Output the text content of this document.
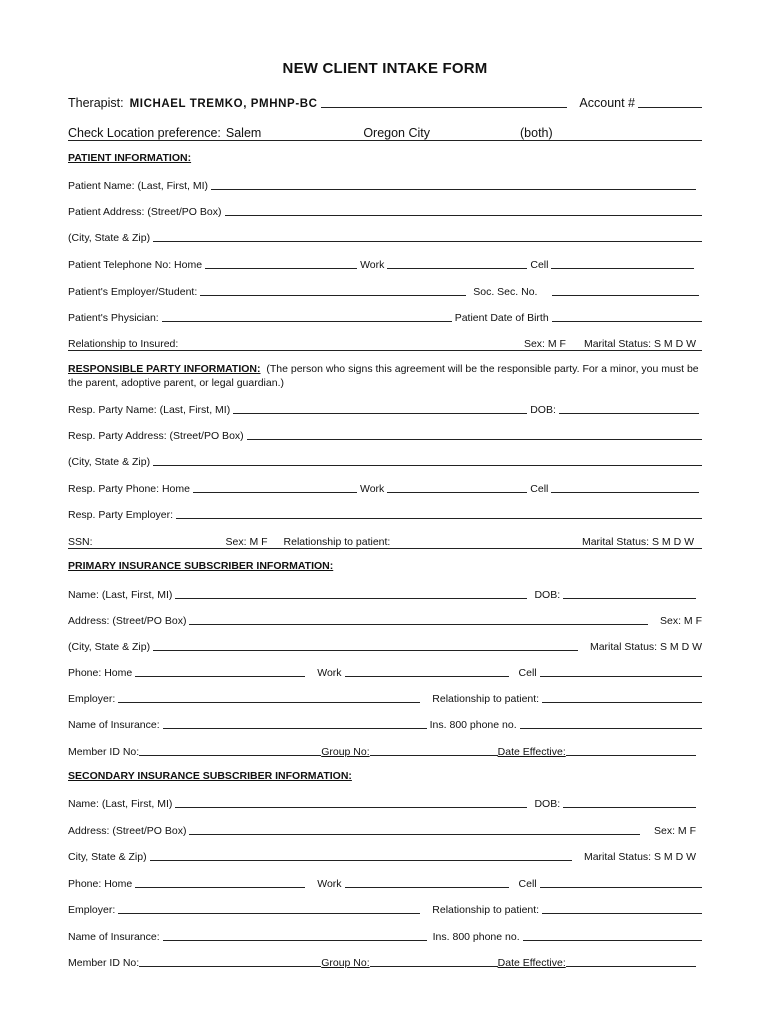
NEW CLIENT INTAKE FORM
Therapist: MICHAEL TREMKO, PMHNP-BC	Account #
Check Location preference: Salem	Oregon City	(both)
PATIENT INFORMATION:
Patient Name: (Last, First, MI)
Patient Address: (Street/PO Box)
(City, State & Zip)
Patient Telephone No: Home	Work	Cell
Patient's Employer/Student:	Soc. Sec. No.
Patient's Physician:	Patient Date of Birth
Relationship to Insured:	Sex: M F Marital Status: S M D W
RESPONSIBLE PARTY INFORMATION: (The person who signs this agreement will be the responsible party. For a minor, you must be the parent, adoptive parent, or legal guardian.)
Resp. Party Name: (Last, First, MI)	DOB:
Resp. Party Address: (Street/PO Box)
(City, State & Zip)
Resp. Party Phone: Home	Work	Cell
Resp. Party Employer:
SSN:	Sex: M F Relationship to patient:	Marital Status: S M D W
PRIMARY INSURANCE SUBSCRIBER INFORMATION:
Name: (Last, First, MI)	DOB:
Address: (Street/PO Box)	Sex: M F
(City, State & Zip)	Marital Status: S M D W
Phone: Home	Work	Cell
Employer:	Relationship to patient:
Name of Insurance:	Ins. 800 phone no.
Member ID No:	Group No:	Date Effective:
SECONDARY INSURANCE SUBSCRIBER INFORMATION:
Name: (Last, First, MI)	DOB:
Address: (Street/PO Box)	Sex: M F
City, State & Zip)	Marital Status: S M D W
Phone: Home	Work	Cell
Employer:	Relationship to patient:
Name of Insurance:	Ins. 800 phone no.
Member ID No:	Group No:	Date Effective:
